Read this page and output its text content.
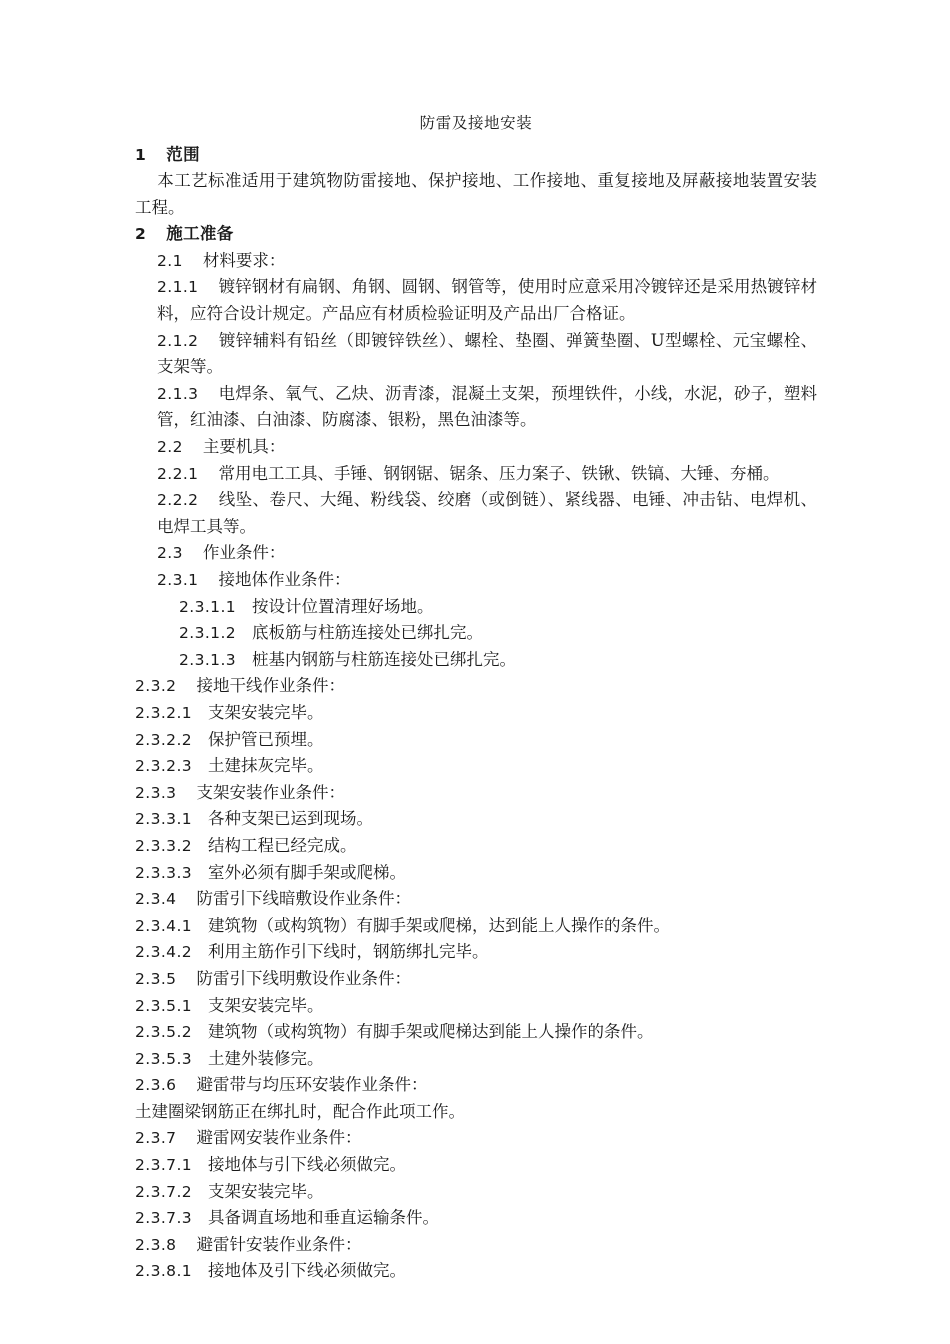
防雷及接地安装
1 范围
本工艺标准适用于建筑物防雷接地、保护接地、工作接地、重复接地及屏蔽接地装置安装工程。
2 施工准备
2.1 材料要求：
2.1.1 镀锌钢材有扁钢、角钢、圆钢、钢管等，使用时应意采用冷镀锌还是采用热镀锌材料，应符合设计规定。产品应有材质检验证明及产品出厂合格证。
2.1.2 镀锌辅料有铅丝（即镀锌铁丝）、螺栓、垫圈、弹簧垫圈、U型螺栓、元宝螺栓、支架等。
2.1.3 电焊条、氧气、乙炔、沥青漆，混凝土支架，预埋铁件，小线，水泥，砂子，塑料管，红油漆、白油漆、防腐漆、银粉，黑色油漆等。
2.2 主要机具：
2.2.1 常用电工工具、手锤、钢钢锯、锯条、压力案子、铁锹、铁镐、大锤、夯桶。
2.2.2 线坠、卷尺、大绳、粉线袋、绞磨（或倒链）、紧线器、电锤、冲击钻、电焊机、电焊工具等。
2.3 作业条件：
2.3.1 接地体作业条件：
2.3.1.1 按设计位置清理好场地。
2.3.1.2 底板筋与柱筋连接处已绑扎完。
2.3.1.3 桩基内钢筋与柱筋连接处已绑扎完。
2.3.2 接地干线作业条件：
2.3.2.1 支架安装完毕。
2.3.2.2 保护管已预埋。
2.3.2.3 土建抹灰完毕。
2.3.3 支架安装作业条件：
2.3.3.1 各种支架已运到现场。
2.3.3.2 结构工程已经完成。
2.3.3.3 室外必须有脚手架或爬梯。
2.3.4 防雷引下线暗敷设作业条件：
2.3.4.1 建筑物（或构筑物）有脚手架或爬梯，达到能上人操作的条件。
2.3.4.2 利用主筋作引下线时，钢筋绑扎完毕。
2.3.5 防雷引下线明敷设作业条件：
2.3.5.1 支架安装完毕。
2.3.5.2 建筑物（或构筑物）有脚手架或爬梯达到能上人操作的条件。
2.3.5.3 土建外装修完。
2.3.6 避雷带与均压环安装作业条件：
土建圈梁钢筋正在绑扎时，配合作此项工作。
2.3.7 避雷网安装作业条件：
2.3.7.1 接地体与引下线必须做完。
2.3.7.2 支架安装完毕。
2.3.7.3 具备调直场地和垂直运输条件。
2.3.8 避雷针安装作业条件：
2.3.8.1 接地体及引下线必须做完。
